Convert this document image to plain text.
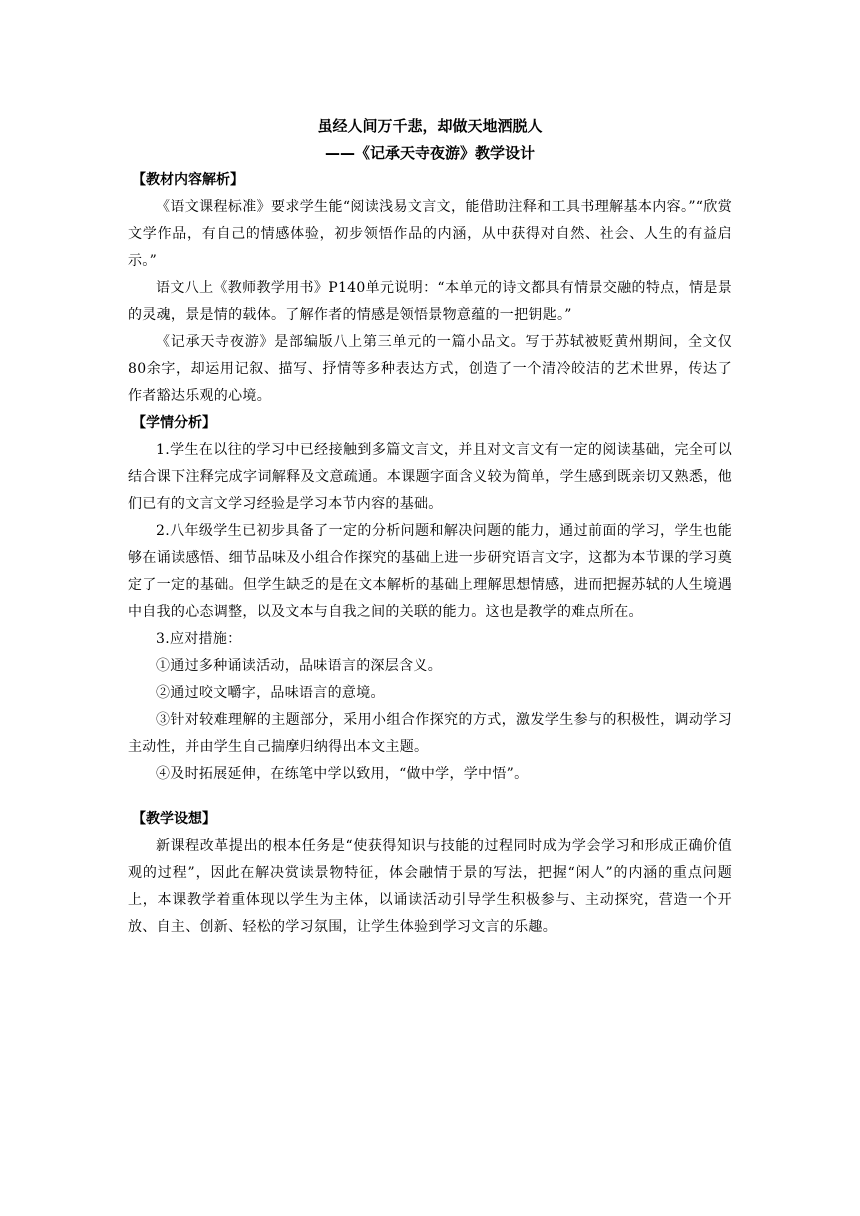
虽经人间万千悲，却做天地洒脱人

——《记承天寺夜游》教学设计

【教材内容解析】

《语文课程标准》要求学生能“阅读浅易文言文，能借助注释和工具书理解基本内容。”“欣赏文学作品，有自己的情感体验，初步领悟作品的内涵，从中获得对自然、社会、人生的有益启示。”

语文八上《教师教学用书》P140单元说明：“本单元的诗文都具有情景交融的特点，情是景的灵魂，景是情的载体。了解作者的情感是领悟景物意蕴的一把钥匙。”

《记承天寺夜游》是部编版八上第三单元的一篇小品文。写于苏轼被贬黄州期间，全文仅80余字，却运用记叙、描写、抒情等多种表达方式，创造了一个清冷皎洁的艺术世界，传达了作者豁达乐观的心境。

【学情分析】

1.学生在以往的学习中已经接触到多篇文言文，并且对文言文有一定的阅读基础，完全可以结合课下注释完成字词解释及文意疏通。本课题字面含义较为简单，学生感到既亲切又熟悉，他们已有的文言文学习经验是学习本节内容的基础。

2.八年级学生已初步具备了一定的分析问题和解决问题的能力，通过前面的学习，学生也能够在诵读感悟、细节品味及小组合作探究的基础上进一步研究语言文字，这都为本节课的学习奠定了一定的基础。但学生缺乏的是在文本解析的基础上理解思想情感，进而把握苏轼的人生境遇中自我的心态调整，以及文本与自我之间的关联的能力。这也是教学的难点所在。

3.应对措施：

①通过多种诵读活动，品味语言的深层含义。

②通过咬文嚼字，品味语言的意境。

③针对较难理解的主题部分，采用小组合作探究的方式，激发学生参与的积极性，调动学习主动性，并由学生自己揣摩归纳得出本文主题。

④及时拓展延伸，在练笔中学以致用，“做中学，学中悟”。

【教学设想】

新课程改革提出的根本任务是“使获得知识与技能的过程同时成为学会学习和形成正确价值观的过程”，因此在解决赏读景物特征，体会融情于景的写法，把握“闲人”的内涵的重点问题上，本课教学着重体现以学生为主体，以诵读活动引导学生积极参与、主动探究，营造一个开放、自主、创新、轻松的学习氛围，让学生体验到学习文言的乐趣。
